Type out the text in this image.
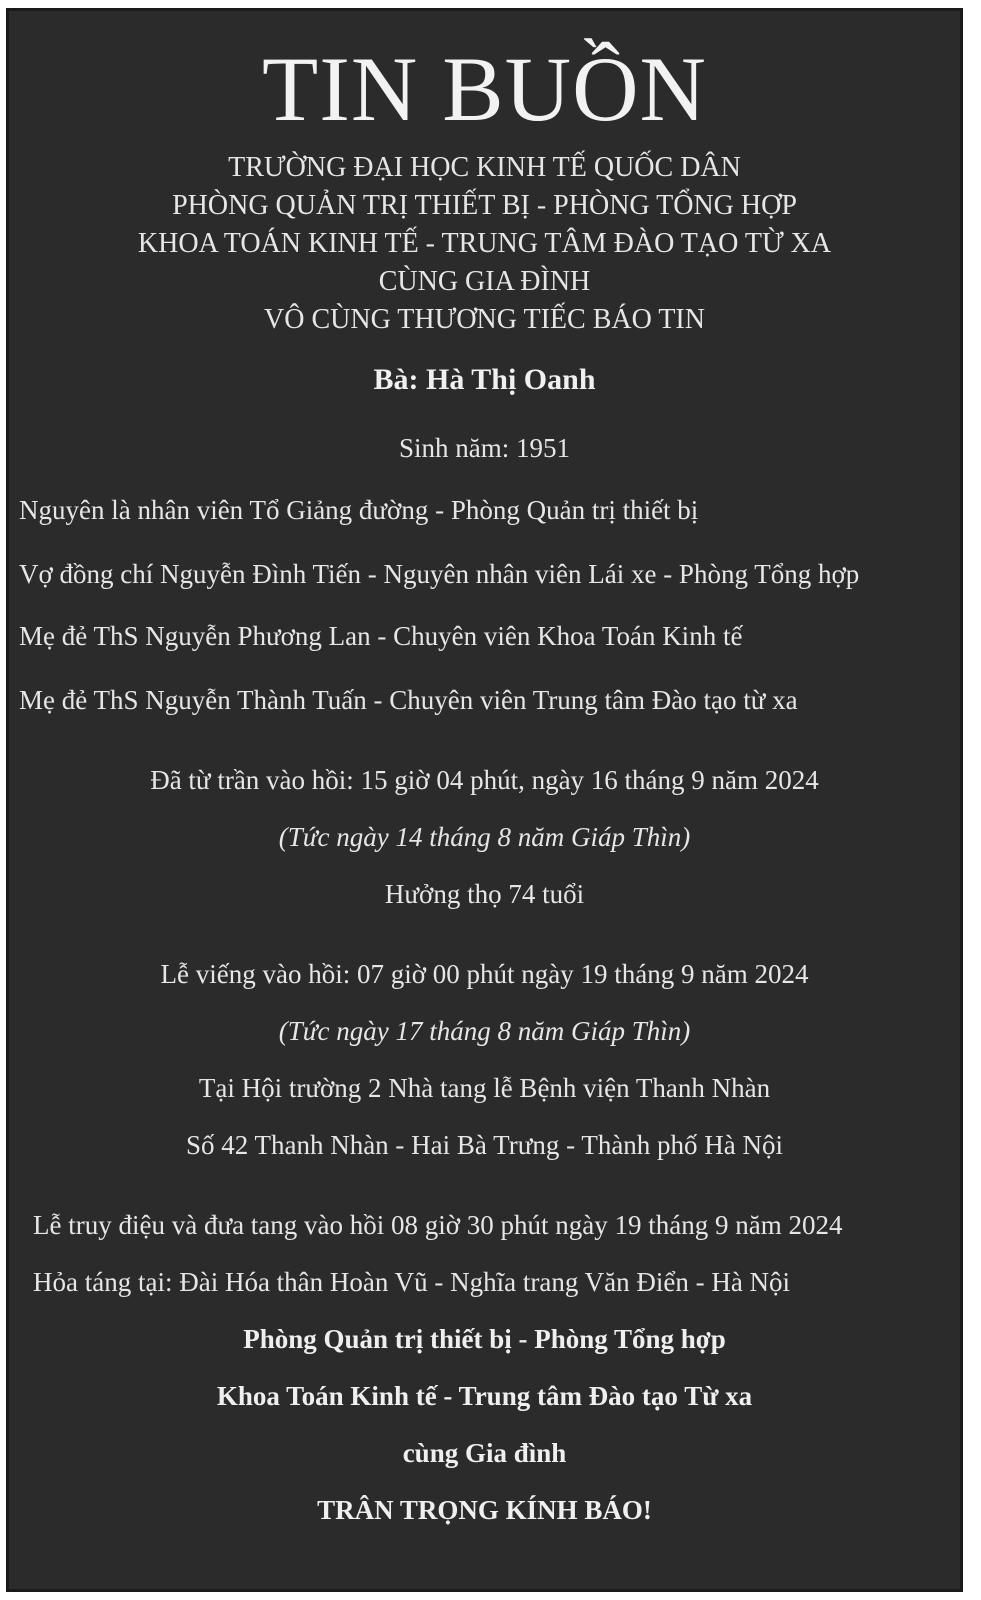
TIN BUỒN
TRƯỜNG ĐẠI HỌC KINH TẾ QUỐC DÂN
PHÒNG QUẢN TRỊ THIẾT BỊ - PHÒNG TỔNG HỢP
KHOA TOÁN KINH TẾ - TRUNG TÂM ĐÀO TẠO TỪ XA
CÙNG GIA ĐÌNH
VÔ CÙNG THƯƠNG TIẾC BÁO TIN
Bà: Hà Thị Oanh
Sinh năm: 1951
Nguyên là nhân viên Tổ Giảng đường - Phòng Quản trị thiết bị
Vợ đồng chí Nguyễn Đình Tiến - Nguyên nhân viên Lái xe - Phòng Tổng hợp
Mẹ đẻ ThS Nguyễn Phương Lan - Chuyên viên Khoa Toán Kinh tế
Mẹ đẻ ThS Nguyễn Thành Tuấn - Chuyên viên Trung tâm Đào tạo từ xa
Đã từ trần vào hồi: 15 giờ 04 phút, ngày 16 tháng 9 năm 2024
(Tức ngày 14 tháng 8 năm Giáp Thìn)
Hưởng thọ 74 tuổi
Lễ viếng vào hồi: 07 giờ 00 phút ngày 19 tháng 9 năm 2024
(Tức ngày 17 tháng 8 năm Giáp Thìn)
Tại Hội trường 2 Nhà tang lễ Bệnh viện Thanh Nhàn
Số 42 Thanh Nhàn - Hai Bà Trưng - Thành phố Hà Nội
Lễ truy điệu và đưa tang vào hồi 08 giờ 30 phút ngày 19 tháng 9 năm 2024
Hỏa táng tại: Đài Hóa thân Hoàn Vũ - Nghĩa trang Văn Điển - Hà Nội
Phòng Quản trị thiết bị - Phòng Tổng hợp
Khoa Toán Kinh tế - Trung tâm Đào tạo Từ xa
cùng Gia đình
TRÂN TRỌNG KÍNH BÁO!
